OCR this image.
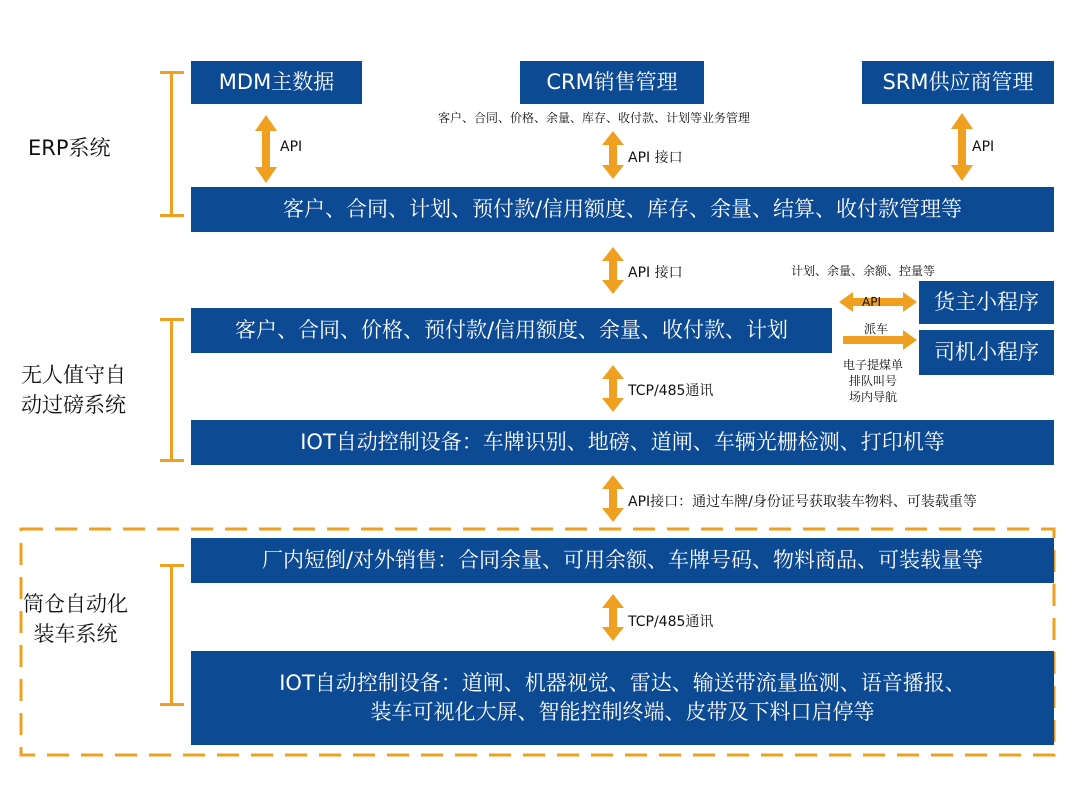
ERP系统
MDM主数据	CRM销售管理	SRM供应商管理
客户、合同、价格、余量、库存、收付款、计划等业务管理
API
API 接口
API
客户、合同、计划、预付款/信用额度、库存、余量、结算、收付款管理等
API 接口	计划、余量、余额、控量等
无人值守自
动过磅系统
客户、合同、价格、预付款/信用额度、余量、收付款、计划
API
派车
货主小程序
司机小程序
电子提煤单
排队叫号
场内导航
TCP/485通讯
IOT自动控制设备：车牌识别、地磅、道闸、车辆光栅检测、打印机等
API接口：通过车牌/身份证号获取装车物料、可装载重等
筒仓自动化
装车系统
厂内短倒/对外销售：合同余量、可用余额、车牌号码、物料商品、可装载量等
TCP/485通讯
IOT自动控制设备：道闸、机器视觉、雷达、输送带流量监测、语音播报、
装车可视化大屏、智能控制终端、皮带及下料口启停等
